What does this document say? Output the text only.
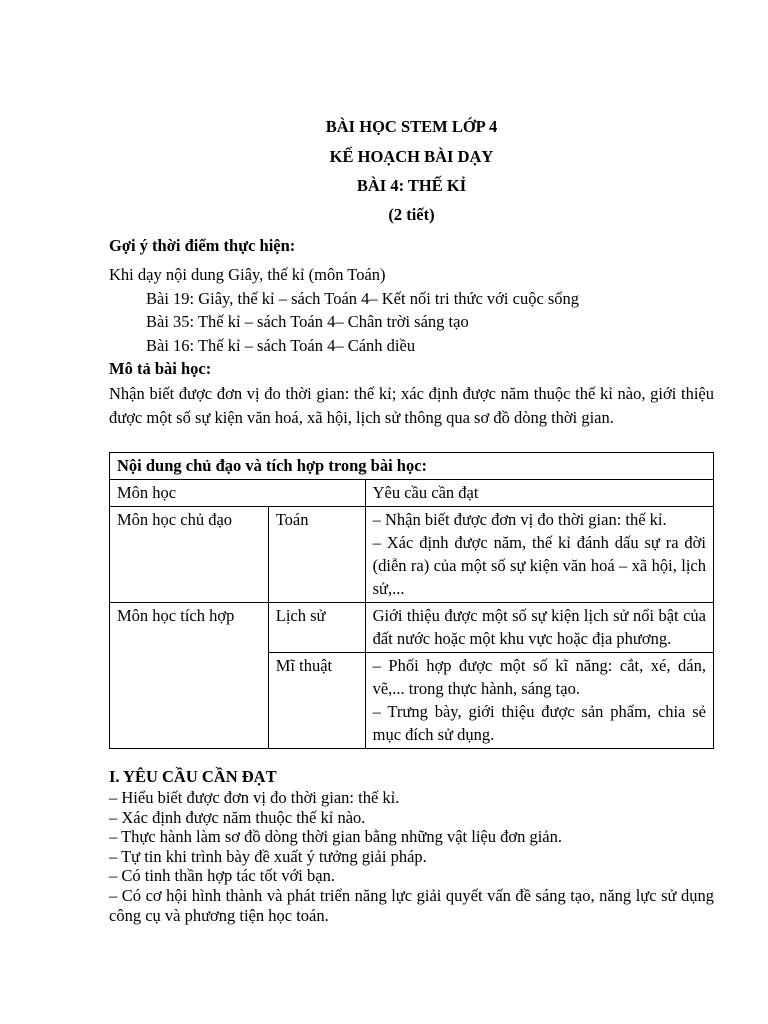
BÀI HỌC STEM LỚP 4
KẾ HOẠCH BÀI DẠY
BÀI 4: THẾ KỈ
(2 tiết)
Gợi ý thời điểm thực hiện:
Khi dạy nội dung Giây, thế kỉ (môn Toán)
Bài 19: Giây, thế kỉ – sách Toán 4– Kết nối tri thức với cuộc sống
Bài 35: Thế kỉ – sách Toán 4– Chân trời sáng tạo
Bài 16: Thế kỉ – sách Toán 4– Cánh diều
Mô tả bài học:
Nhận biết được đơn vị đo thời gian: thế kỉ; xác định được năm thuộc thế kỉ nào, giới thiệu được một số sự kiện văn hoá, xã hội, lịch sử thông qua sơ đồ dòng thời gian.
Nội dung chủ đạo và tích hợp trong bài học:		
Môn học		Yêu cầu cần đạt
Môn học chủ đạo	Toán	– Nhận biết được đơn vị đo thời gian: thế kỉ.
– Xác định được năm, thế kỉ đánh dấu sự ra đời (diễn ra) của một số sự kiện văn hoá – xã hội, lịch sử,...

Môn học tích hợp	Lịch sử	Giới thiệu được một số sự kiện lịch sử nổi bật của đất nước hoặc một khu vực hoặc địa phương.
	Mĩ thuật	– Phối hợp được một số kĩ năng: cắt, xé, dán, vẽ,... trong thực hành, sáng tạo.
– Trưng bày, giới thiệu được sản phẩm, chia sẻ mục đích sử dụng.
I. YÊU CẦU CẦN ĐẠT
– Hiểu biết được đơn vị đo thời gian: thế kỉ.
– Xác định được năm thuộc thế kỉ nào.
– Thực hành làm sơ đồ dòng thời gian bằng những vật liệu đơn giản.
– Tự tin khi trình bày đề xuất ý tưởng giải pháp.
– Có tinh thần hợp tác tốt với bạn.
– Có cơ hội hình thành và phát triển năng lực giải quyết vấn đề sáng tạo, năng lực sử dụng công cụ và phương tiện học toán.
